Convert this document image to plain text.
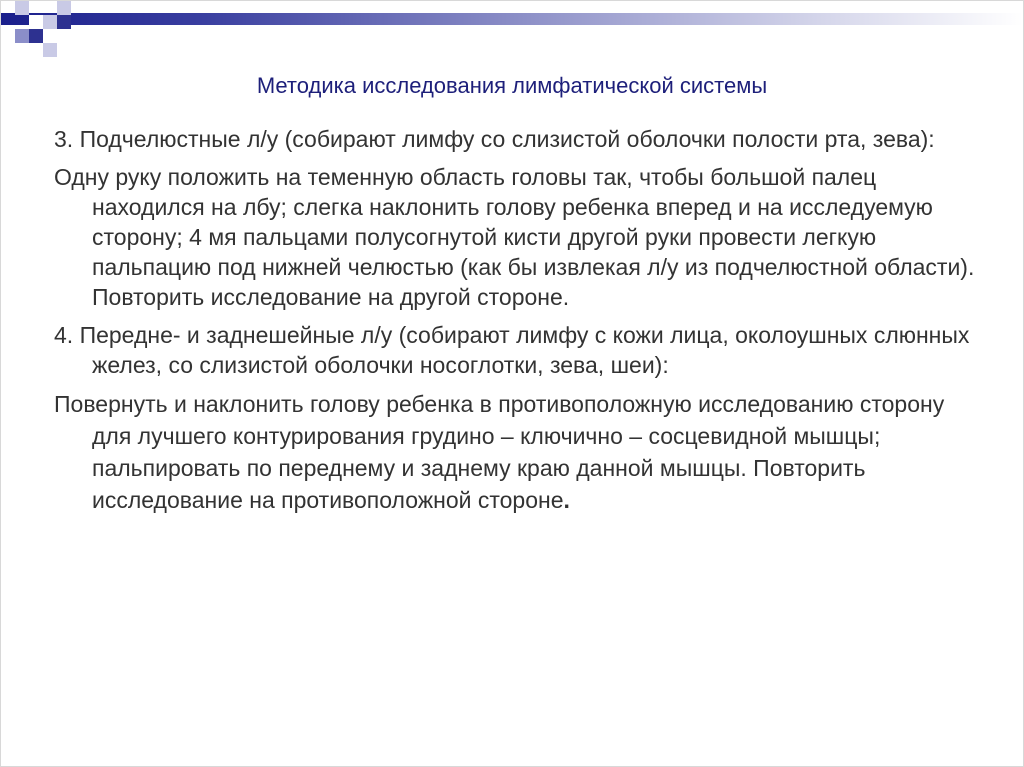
Методика исследования лимфатической системы

3. Подчелюстные л/у (собирают лимфу со слизистой оболочки полости рта, зева):

Одну руку положить на теменную область головы так, чтобы большой палец находился на лбу; слегка наклонить голову ребенка вперед и на исследуемую сторону; 4 мя пальцами полусогнутой кисти другой руки провести легкую пальпацию под нижней челюстью (как бы извлекая л/у из подчелюстной области). Повторить исследование на другой стороне.

4. Передне- и заднешейные л/у (собирают лимфу с кожи лица, околоушных слюнных желез, со слизистой оболочки носоглотки, зева, шеи):

Повернуть и наклонить голову ребенка в противоположную исследованию сторону для лучшего контурирования грудино – ключично – сосцевидной мышцы; пальпировать по переднему и заднему краю данной мышцы. Повторить исследование на противоположной стороне.
